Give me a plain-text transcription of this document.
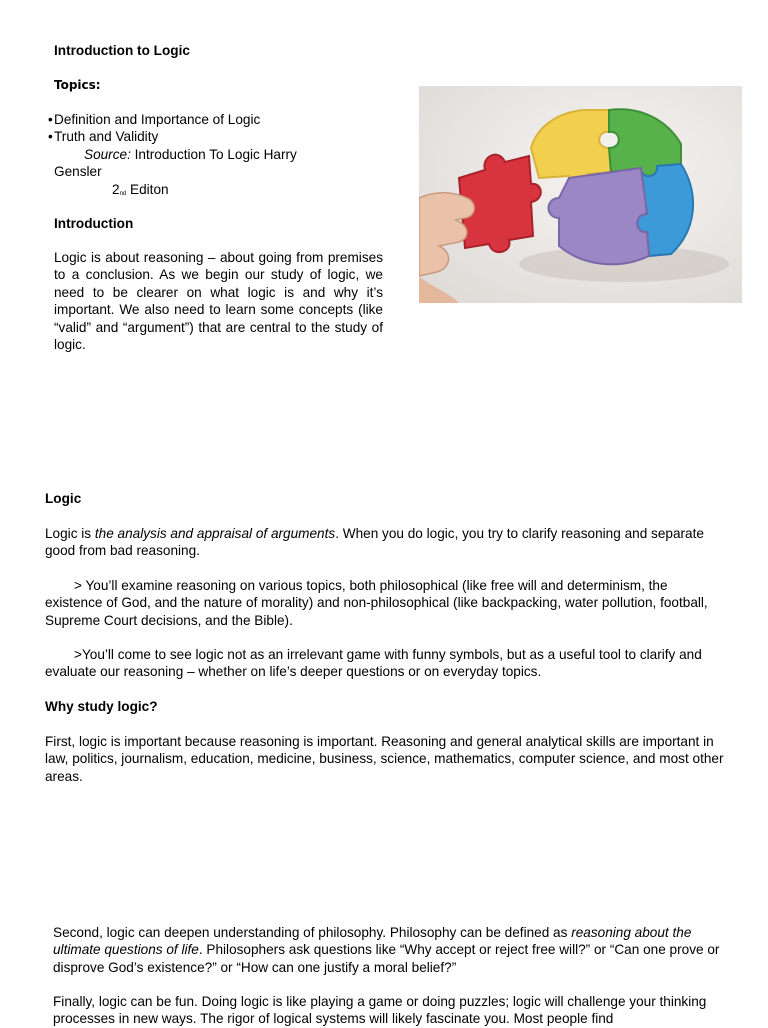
Introduction to Logic
Topics:
•Definition and Importance of Logic
•Truth and Validity
Source: Introduction To Logic Harry
Gensler
$2_{nd}$ Editon
Introduction

Logic is about reasoning – about going from premises to a conclusion. As we begin our study of logic, we need to be clearer on what logic is and why it’s important. We also need to learn some concepts (like “valid” and “argument”) that are central to the study of logic.

Logic

Logic is the analysis and appraisal of arguments. When you do logic, you try to clarify reasoning and separate good from bad reasoning.

> You’ll examine reasoning on various topics, both philosophical (like free will and determinism, the existence of God, and the nature of morality) and non-philosophical (like backpacking, water pollution, football, Supreme Court decisions, and the Bible).

>You’ll come to see logic not as an irrelevant game with funny symbols, but as a useful tool to clarify and evaluate our reasoning – whether on life’s deeper questions or on everyday topics.

Why study logic?

First, logic is important because reasoning is important. Reasoning and general analytical skills are important in law, politics, journalism, education, medicine, business, science, mathematics, computer science, and most other areas.

Second, logic can deepen understanding of philosophy. Philosophy can be defined as reasoning about the ultimate questions of life. Philosophers ask questions like “Why accept or reject free will?” or “Can one prove or disprove God’s existence?” or “How can one justify a moral belief?”

Finally, logic can be fun. Doing logic is like playing a game or doing puzzles; logic will challenge your thinking processes in new ways. The rigor of logical systems will likely fascinate you. Most people find
